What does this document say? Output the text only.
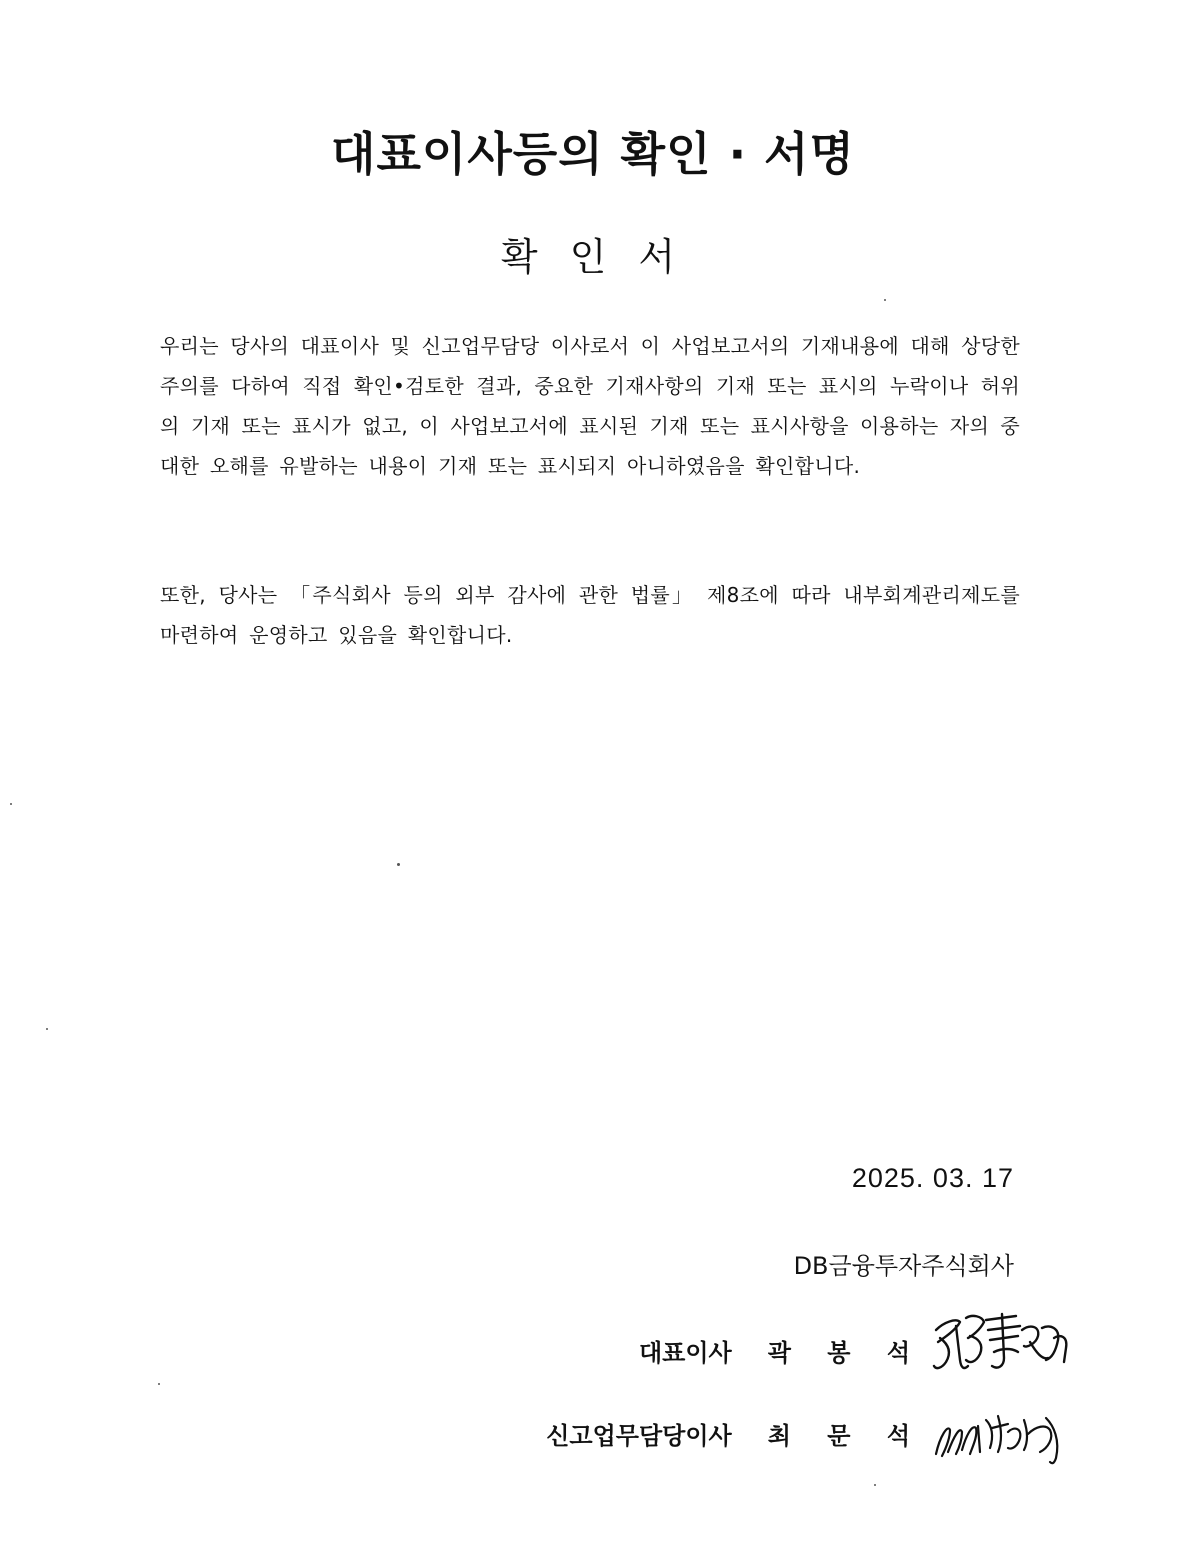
대표이사등의 확인 · 서명
확 인 서

우리는 당사의 대표이사 및 신고업무담당 이사로서 이 사업보고서의 기재내용에 대해 상당한 주의를 다하여 직접 확인•검토한 결과, 중요한 기재사항의 기재 또는 표시의 누락이나 허위의 기재 또는 표시가 없고, 이 사업보고서에 표시된 기재 또는 표시사항을 이용하는 자의 중대한 오해를 유발하는 내용이 기재 또는 표시되지 아니하였음을 확인합니다.

또한, 당사는 「주식회사 등의 외부 감사에 관한 법률」 제8조에 따라 내부회계관리제도를 마련하여 운영하고 있음을 확인합니다.

2025. 03. 17
DB금융투자주식회사
대표이사 곽 봉 석
신고업무담당이사 최 문 석
